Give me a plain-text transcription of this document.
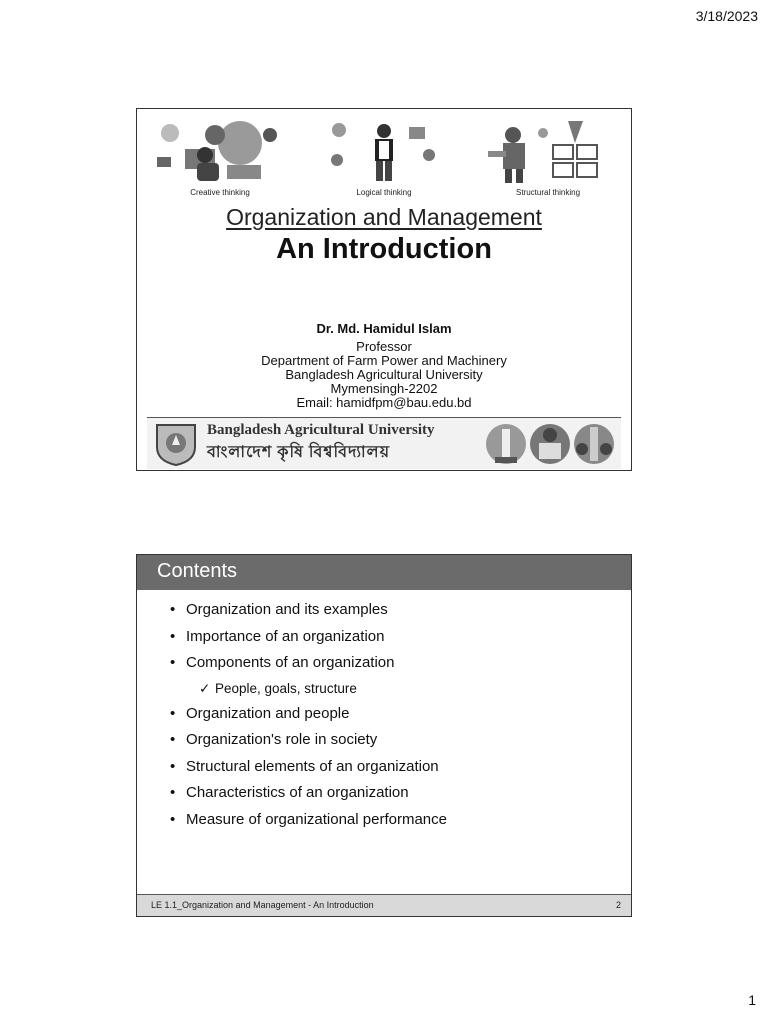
3/18/2023
Creative thinking	Logical thinking	Structural thinking
Organization and Management
An Introduction
Dr. Md. Hamidul Islam
Professor
Department of Farm Power and Machinery
Bangladesh Agricultural University
Mymensingh-2202
Email: hamidfpm@bau.edu.bd
Bangladesh Agricultural University
বাংলাদেশ কৃষি বিশ্ববিদ্যালয়
Contents
• Organization and its examples
• Importance of an organization
• Components of an organization
✓ People, goals, structure
• Organization and people
• Organization's role in society
• Structural elements of an organization
• Characteristics of an organization
• Measure of organizational performance
LE 1.1_Organization and Management - An Introduction	2
1
